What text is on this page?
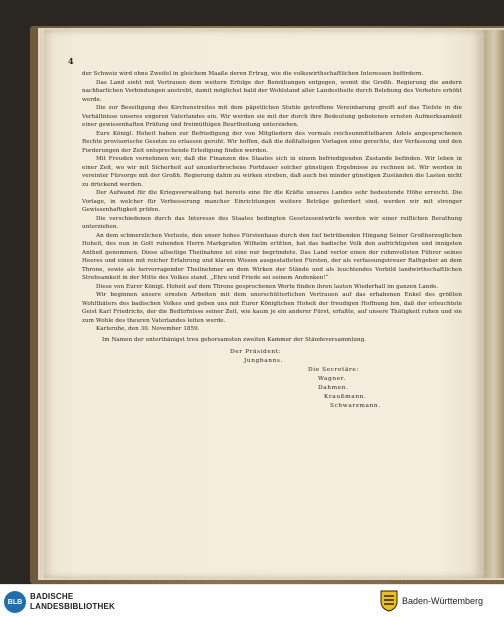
4

der Schweiz wird ohne Zweifel in gleichem Maaße deren Ertrag, wie die volkswirthschaftlichen Interessen befördern.

Das Land sieht mit Vertrauen dem weitern Erfolge der Bemühungen entgegen, womit die Großh. Regierung die andern nachbarlichen Verbindungen anstrebt, damit möglichst bald der Wohlstand aller Landestheile durch Belebung des Verkehrs erhöht werde.

Die zur Beseitigung des Kirchenstreites mit dem päpstlichen Stuhle getroffene Vereinbarung greift auf das Tiefste in die Verhältnisse unseres engeren Vaterlandes ein. Wir werden sie mit der durch ihre Bedeutung gebotenen ernsten Aufmerksamkeit einer gewissenhaften Prüfung und freimüthigen Beurtheilung unterziehen.

Eure Königl. Hoheit haben zur Befriedigung der von Mitgliedern des vormals reichsunmittelbaren Adels angesprochenen Rechte provisorische Gesetze zu erlassen geruht. Wir hoffen, daß die deßfallsigen Vorlagen eine gerechte, der Verfassung und den Forderungen der Zeit entsprechende Erledigung finden werden.

Mit Freuden vernehmen wir, daß die Finanzen des Staates sich in einem befriedigenden Zustande befinden. Wir leben in einer Zeit, wo wir mit Sicherheit auf ununterbrochene Fortdauer solcher günstigen Ergebnisse zu rechnen ist. Wir werden in vereinter Fürsorge mit der Großh. Regierung dahin zu wirken streben, daß auch bei minder günstigen Zuständen die Lasten nicht zu drückend werden.

Der Aufwand für die Kriegsverwaltung hat bereits eine für die Kräfte unseres Landes sehr bedeutende Höhe erreicht. Die Vorlage, in welcher für Verbesserung mancher Einrichtungen weitere Beträge gefordert sind, werden wir mit strenger Gewissenhaftigkeit prüfen.

Die verschiedenen durch das Interesse des Staates bedingten Gesetzesentwürfe werden wir einer reiflichen Berathung unterziehen.

An dem schmerzlichen Verluste, den unser hohes Fürstenhaus durch den tief betrübenden Hingang Seiner Großherzoglichen Hoheit, des nun in Gott ruhenden Herrn Markgrafen Wilhelm erlitten, hat das badische Volk den aufrichtigsten und innigsten Antheil genommen. Diese allseitige Theilnahme ist eine nur begründete. Das Land verlor einen der ruhmvollsten Führer seines Heeres und einen mit reicher Erfahrung und klarem Wissen ausgestatteten Fürsten, der als verfassungstreuer Rathgeber an dem Throne, sowie als hervorragender Theilnehmer an dem Wirken der Stände und als leuchtendes Vorbild landwirthschaftlichen Strebsamkeit in der Mitte des Volkes stand. „Ehre und Friede sei seinem Andenken!“

Diese von Eurer Königl. Hoheit auf dem Throne gesprochenen Worte finden ihren lauten Wiederhall im ganzen Lande.

Wir beginnen unsere ernsten Arbeiten mit dem unerschütterlichen Vertrauen auf das erhabenen Enkel des größten Wohlthäters des badischen Volkes und geben uns mit Eurer Königlichen Hoheit der freudigen Hoffnung hin, daß der erleuchtete Geist Karl Friedrichs, der die Bedürfnisse seiner Zeit, wie kaum je ein anderer Fürst, erfaßte, auf unsere Thätigkeit ruhen und sie zum Wohle des theuren Vaterlandes leiten werde.

Karlsruhe, den 30. November 1859.

Im Namen der unterthänigst treu gehorsamsten zweiten Kammer der Ständeversammlung.

Der Präsident:
Jungbanns.
Die Secretäre:
Wagner.
Dahmen.
Kraußmann.
Schwarzmann.
BLB
BADISCHE
LANDESBIBLIOTHEK
Baden-Württemberg
